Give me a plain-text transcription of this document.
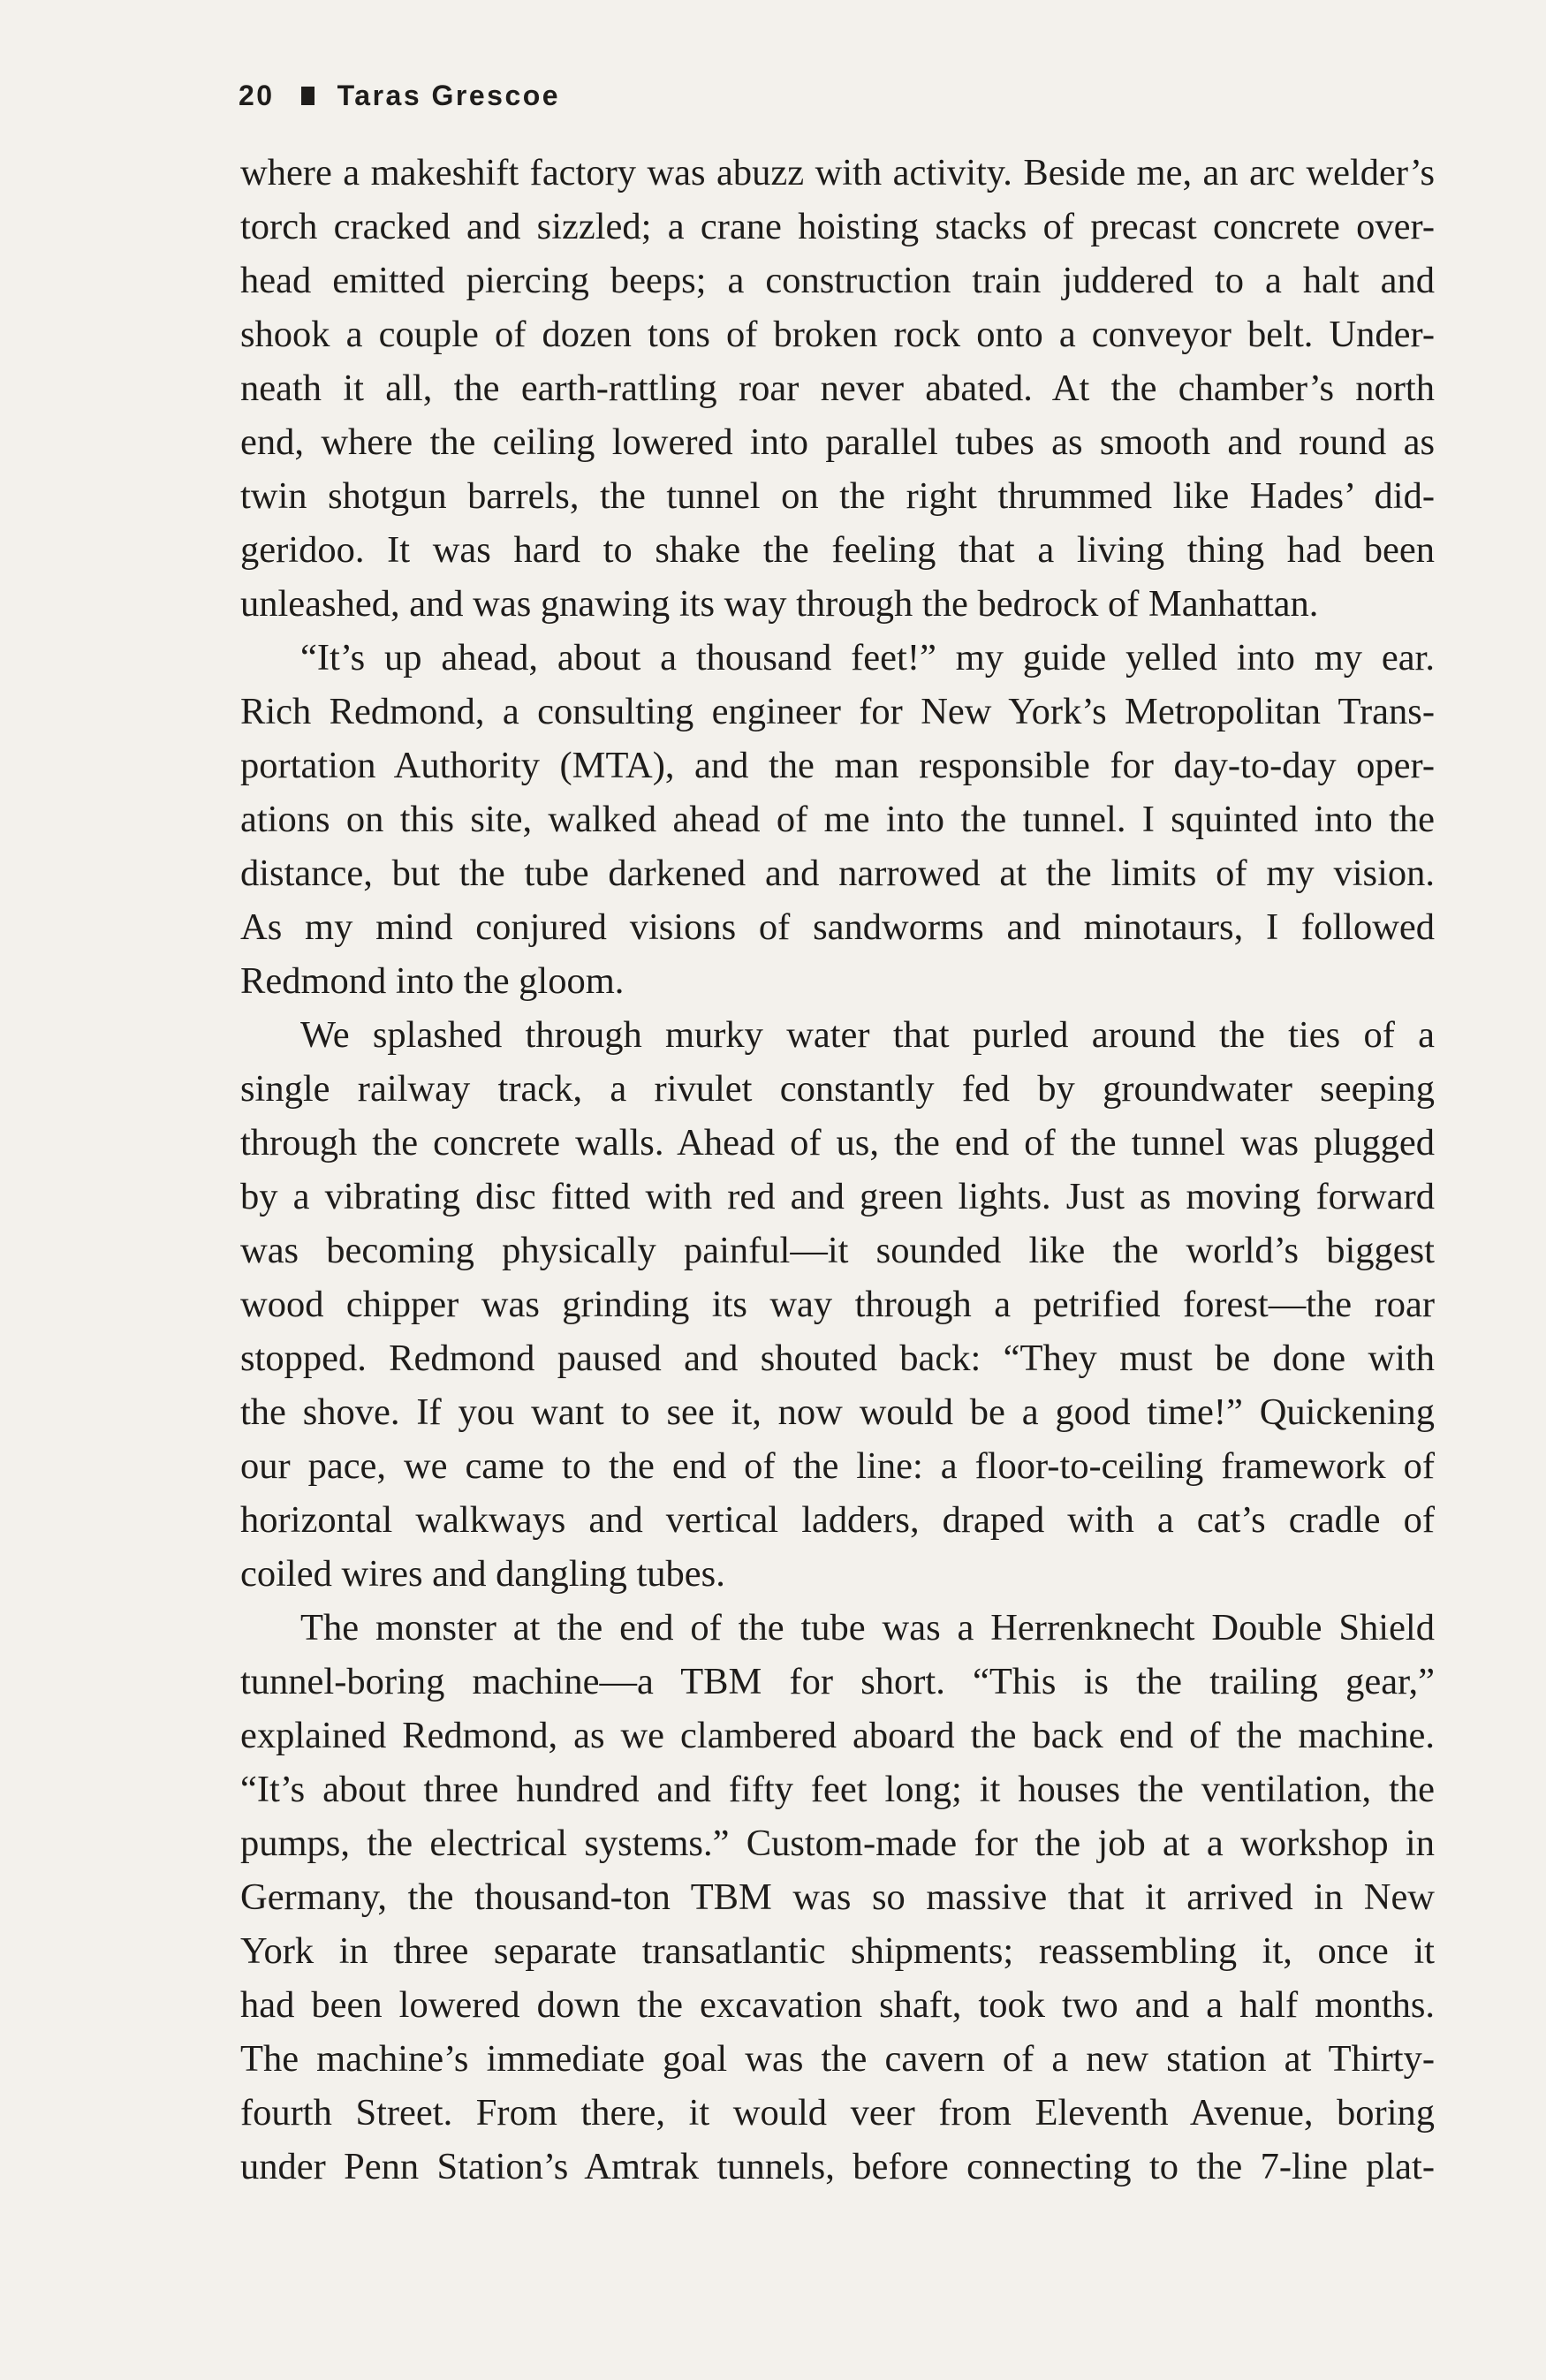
20 Taras Grescoe
where a makeshift factory was abuzz with activity. Beside me, an arc welder’s
torch cracked and sizzled; a crane hoisting stacks of precast concrete over-
head emitted piercing beeps; a construction train juddered to a halt and
shook a couple of dozen tons of broken rock onto a conveyor belt. Under-
neath it all, the earth-rattling roar never abated. At the chamber’s north
end, where the ceiling lowered into parallel tubes as smooth and round as
twin shotgun barrels, the tunnel on the right thrummed like Hades’ did-
geridoo. It was hard to shake the feeling that a living thing had been
unleashed, and was gnawing its way through the bedrock of Manhattan.
“It’s up ahead, about a thousand feet!” my guide yelled into my ear.
Rich Redmond, a consulting engineer for New York’s Metropolitan Trans-
portation Authority (MTA), and the man responsible for day-to-day oper-
ations on this site, walked ahead of me into the tunnel. I squinted into the
distance, but the tube darkened and narrowed at the limits of my vision.
As my mind conjured visions of sandworms and minotaurs, I followed
Redmond into the gloom.
We splashed through murky water that purled around the ties of a
single railway track, a rivulet constantly fed by groundwater seeping
through the concrete walls. Ahead of us, the end of the tunnel was plugged
by a vibrating disc fitted with red and green lights. Just as moving forward
was becoming physically painful—it sounded like the world’s biggest
wood chipper was grinding its way through a petrified forest—the roar
stopped. Redmond paused and shouted back: “They must be done with
the shove. If you want to see it, now would be a good time!” Quickening
our pace, we came to the end of the line: a floor-to-ceiling framework of
horizontal walkways and vertical ladders, draped with a cat’s cradle of
coiled wires and dangling tubes.
The monster at the end of the tube was a Herrenknecht Double Shield
tunnel-boring machine—a TBM for short. “This is the trailing gear,”
explained Redmond, as we clambered aboard the back end of the machine.
“It’s about three hundred and fifty feet long; it houses the ventilation, the
pumps, the electrical systems.” Custom-made for the job at a workshop in
Germany, the thousand-ton TBM was so massive that it arrived in New
York in three separate transatlantic shipments; reassembling it, once it
had been lowered down the excavation shaft, took two and a half months.
The machine’s immediate goal was the cavern of a new station at Thirty-
fourth Street. From there, it would veer from Eleventh Avenue, boring
under Penn Station’s Amtrak tunnels, before connecting to the 7-line plat-
